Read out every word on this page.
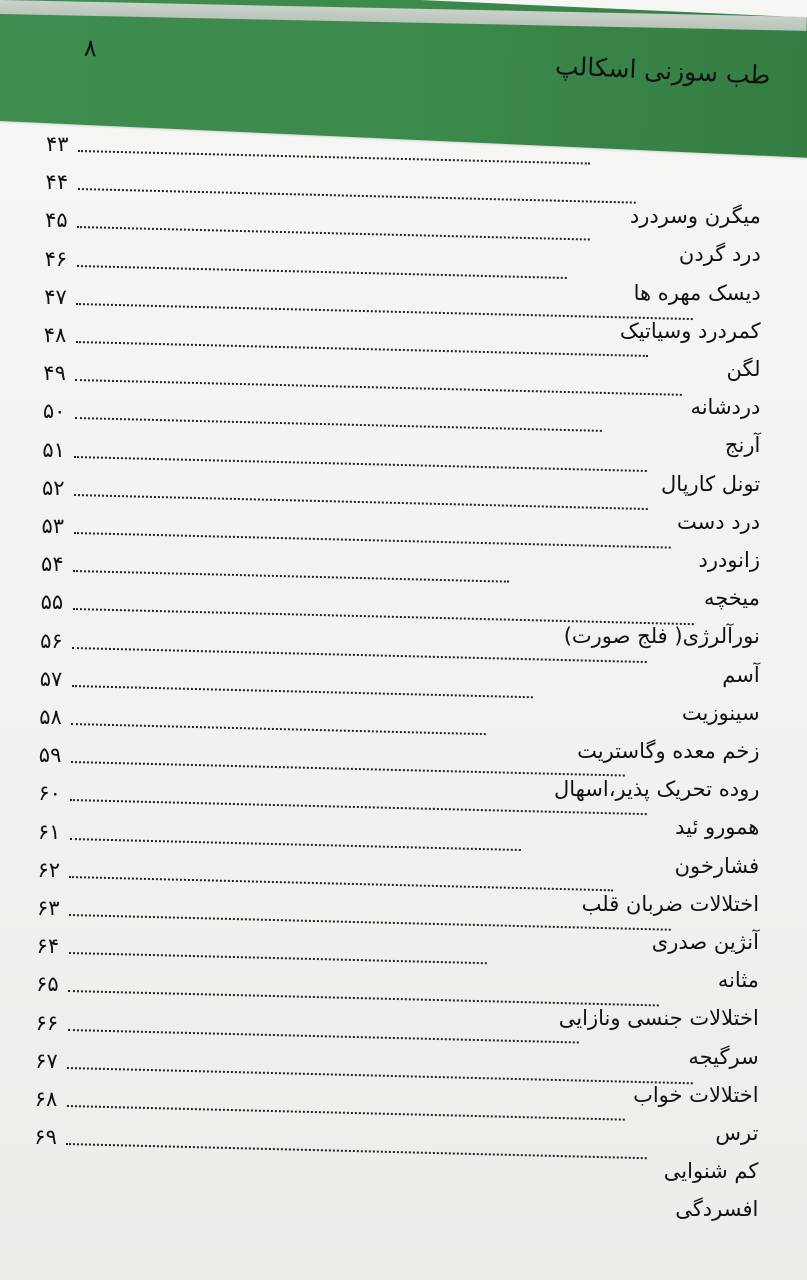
طب سوزنی اسکالپ
۸
۴۳
۴۴
میگرن وسردرد
۴۵
درد گردن
۴۶
دیسک مهره ها
۴۷
کمردرد وسیاتیک
۴۸
لگن
۴۹
دردشانه
۵۰
آرنج
۵۱
تونل کارپال
۵۲
درد دست
۵۳
زانودرد
۵۴
میخچه
۵۵
نورآلرژی( فلج صورت)
۵۶
آسم
۵۷
سینوزیت
۵۸
زخم معده وگاستریت
۵۹
روده تحریک پذیر،اسهال
۶۰
همورو ئید
۶۱
فشارخون
۶۲
اختلالات ضربان قلب
۶۳
آنژین صدری
۶۴
مثانه
۶۵
اختلالات جنسی ونازایی
۶۶
سرگیجه
۶۷
اختلالات خواب
۶۸
ترس
۶۹
کم شنوایی
افسردگی
